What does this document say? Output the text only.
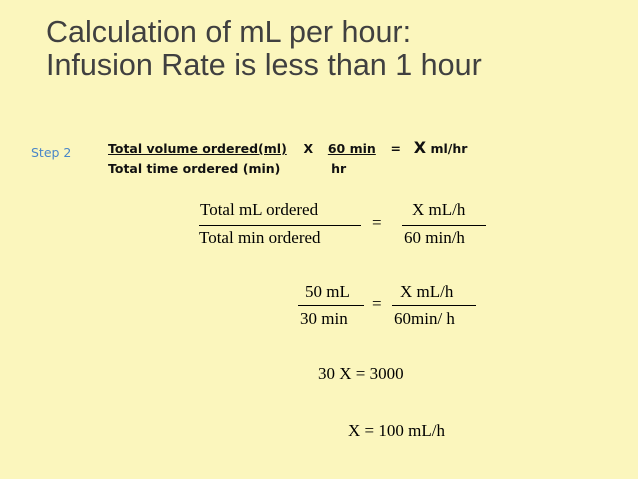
Calculation of mL per hour:
Infusion Rate is less than 1 hour
Step 2	Total volume ordered(ml) X 60 min = X ml/hr
Total time ordered (min)	hr
Total mL ordered
Total min ordered
=
X mL/h
60 min/h
50 mL
30 min
=
X mL/h
60min/ h
30 X = 3000
X = 100 mL/h
